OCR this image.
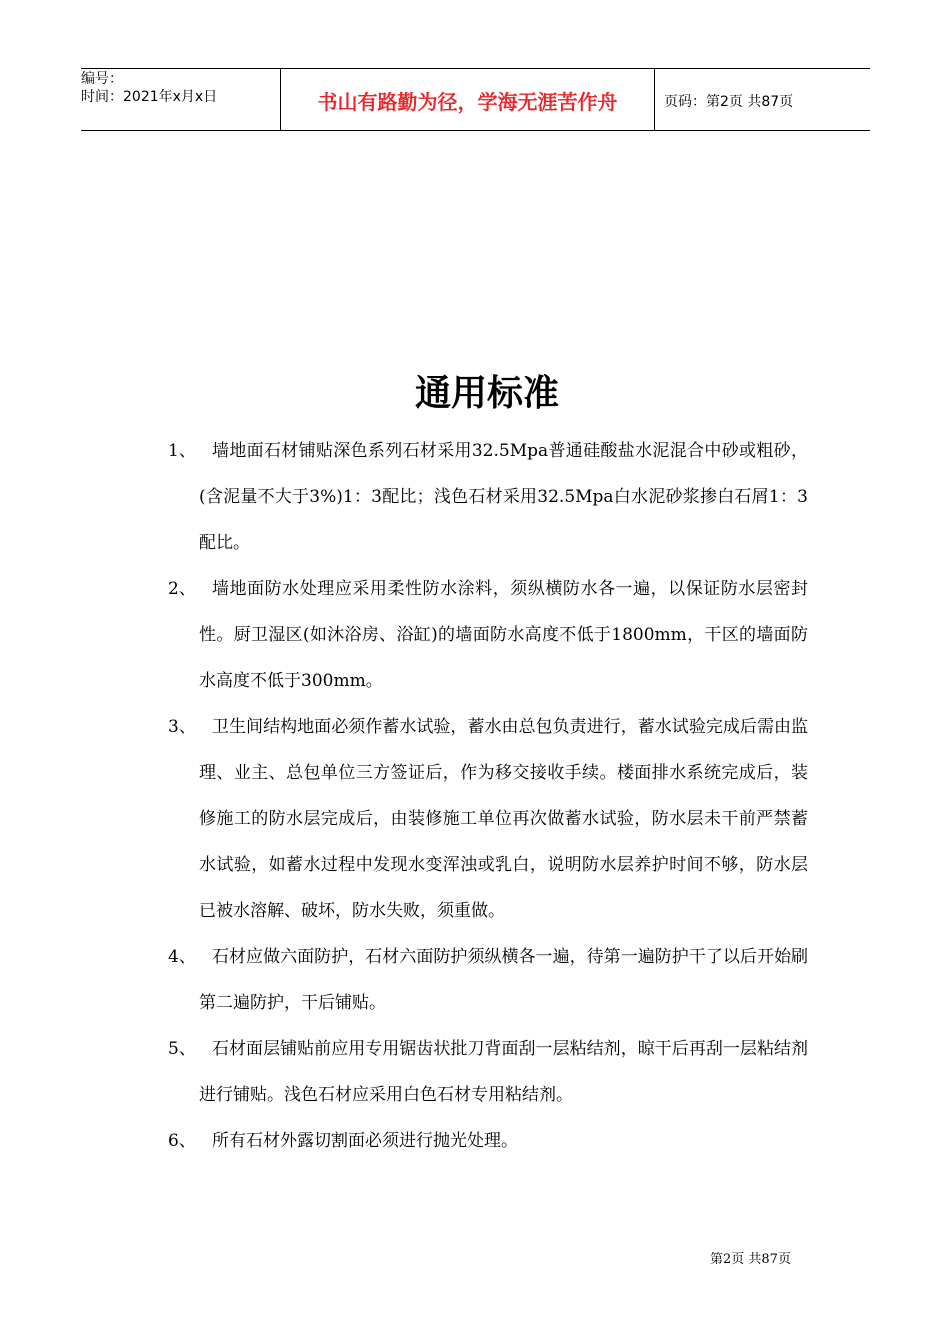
编号：
时间：2021年x月x日	书山有路勤为径，学海无涯苦作舟	页码：第2页 共87页
通用标准
1、 墙地面石材铺贴深色系列石材采用32.5Mpa普通硅酸盐水泥混合中砂或粗砂，(含泥量不大于3%)1：3配比；浅色石材采用32.5Mpa白水泥砂浆掺白石屑1：3配比。
2、 墙地面防水处理应采用柔性防水涂料，须纵横防水各一遍，以保证防水层密封性。厨卫湿区(如沐浴房、浴缸)的墙面防水高度不低于1800mm，干区的墙面防水高度不低于300mm。
3、 卫生间结构地面必须作蓄水试验，蓄水由总包负责进行，蓄水试验完成后需由监理、业主、总包单位三方签证后，作为移交接收手续。楼面排水系统完成后，装修施工的防水层完成后，由装修施工单位再次做蓄水试验，防水层未干前严禁蓄水试验，如蓄水过程中发现水变浑浊或乳白，说明防水层养护时间不够，防水层已被水溶解、破坏，防水失败，须重做。
4、 石材应做六面防护，石材六面防护须纵横各一遍，待第一遍防护干了以后开始刷第二遍防护，干后铺贴。
5、 石材面层铺贴前应用专用锯齿状批刀背面刮一层粘结剂，晾干后再刮一层粘结剂进行铺贴。浅色石材应采用白色石材专用粘结剂。
6、 所有石材外露切割面必须进行抛光处理。
第2页 共87页
